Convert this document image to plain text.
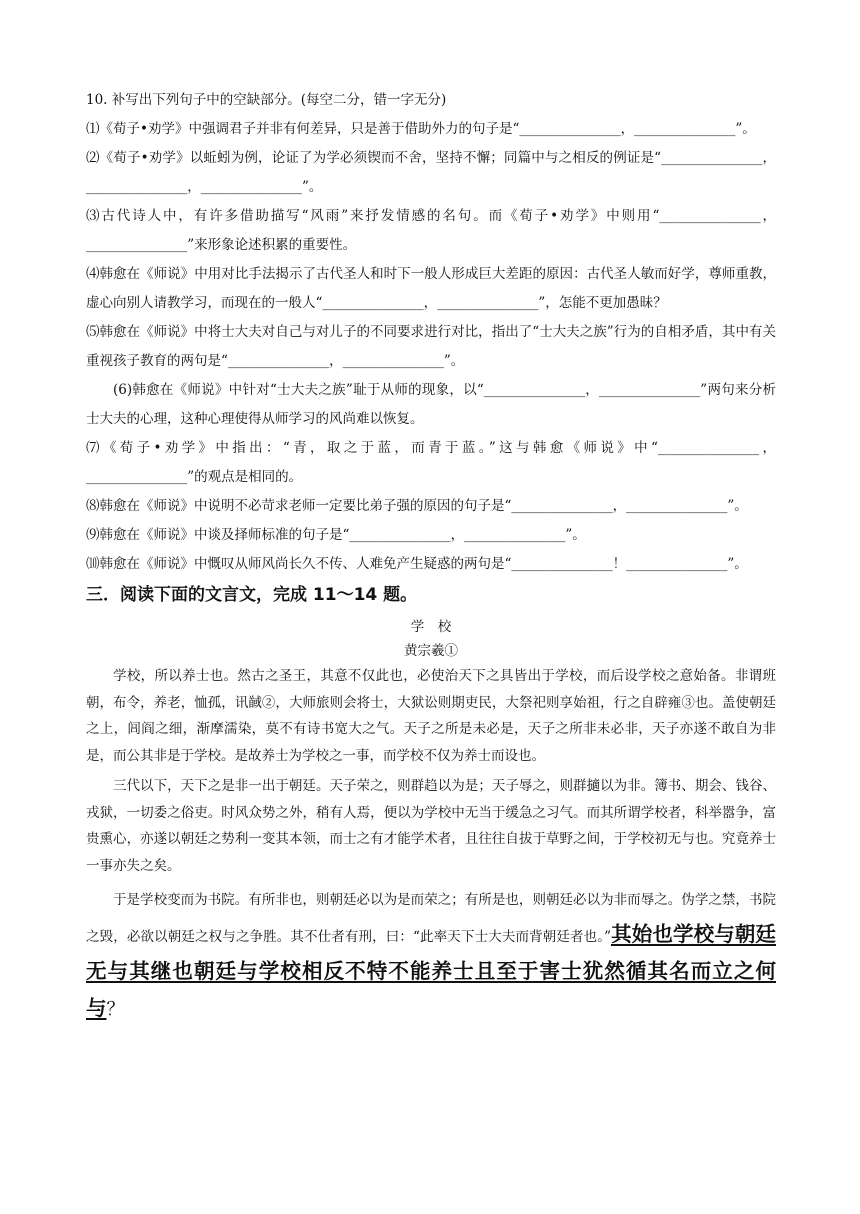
10. 补写出下列句子中的空缺部分。(每空二分，错一字无分)

⑴《荀子•劝学》中强调君子并非有何差异，只是善于借助外力的句子是“_______________，_______________”。

⑵《荀子•劝学》以蚯蚓为例，论证了为学必须锲而不舍，坚持不懈；同篇中与之相反的例证是“_______________，_______________，_______________”。

⑶古代诗人中，有许多借助描写“风雨”来抒发情感的名句。而《荀子•劝学》中则用“_______________，_______________”来形象论述积累的重要性。

⑷韩愈在《师说》中用对比手法揭示了古代圣人和时下一般人形成巨大差距的原因：古代圣人敏而好学，尊师重教，虚心向别人请教学习，而现在的一般人“_______________，_______________”，怎能不更加愚昧？

⑸韩愈在《师说》中将士大夫对自己与对儿子的不同要求进行对比，指出了“士大夫之族”行为的自相矛盾，其中有关重视孩子教育的两句是“_______________，_______________”。

(6)韩愈在《师说》中针对“士大夫之族”耻于从师的现象，以“_______________，_______________”两句来分析士大夫的心理，这种心理使得从师学习的风尚难以恢复。

⑺《荀子•劝学》中指出：“青，取之于蓝，而青于蓝。”这与韩愈《师说》中“_______________，_______________”的观点是相同的。

⑻韩愈在《师说》中说明不必苛求老师一定要比弟子强的原因的句子是“_______________，_______________”。

⑼韩愈在《师说》中谈及择师标准的句子是“_______________，_______________”。

⑽韩愈在《师说》中慨叹从师风尚长久不传、人难免产生疑惑的两句是“_______________！_______________”。

三．阅读下面的文言文，完成 11～14 题。

学　校

黄宗羲①

学校，所以养士也。然古之圣王，其意不仅此也，必使治天下之具皆出于学校，而后设学校之意始备。非谓班朝，布令，养老，恤孤，讯馘②，大师旅则会将士，大狱讼则期吏民，大祭祀则享始祖，行之自辟雍③也。盖使朝廷之上，闾阎之细，渐摩濡染，莫不有诗书宽大之气。天子之所是未必是，天子之所非未必非，天子亦遂不敢自为非是，而公其非是于学校。是故养士为学校之一事，而学校不仅为养士而设也。

三代以下，天下之是非一出于朝廷。天子荣之，则群趋以为是；天子辱之，则群擿以为非。簿书、期会、钱谷、戎狱，一切委之俗吏。时风众势之外，稍有人焉，便以为学校中无当于缓急之习气。而其所谓学校者，科举嚣争，富贵熏心，亦遂以朝廷之势利一变其本领，而士之有才能学术者，且往往自拔于草野之间，于学校初无与也。究竟养士一事亦失之矣。

于是学校变而为书院。有所非也，则朝廷必以为是而荣之；有所是也，则朝廷必以为非而辱之。伪学之禁，书院之毁，必欲以朝廷之权与之争胜。其不仕者有刑，曰：“此率天下士大夫而背朝廷者也。”其始也学校与朝廷无与其继也朝廷与学校相反不特不能养士且至于害士犹然循其名而立之何与？
